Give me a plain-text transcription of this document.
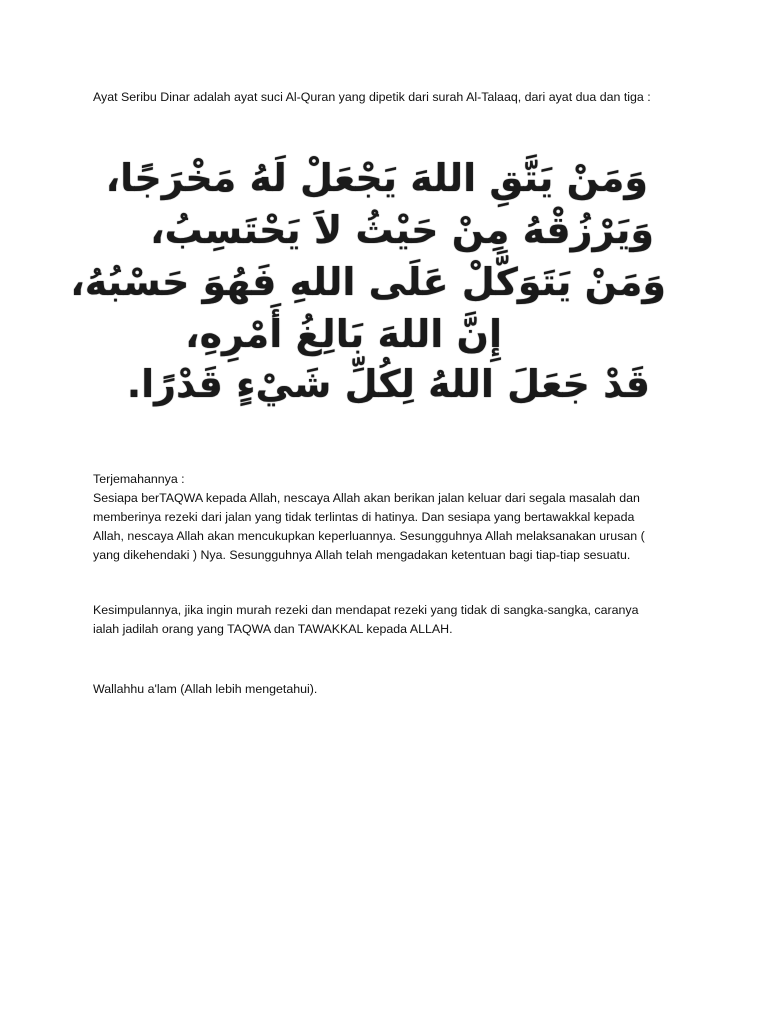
Ayat Seribu Dinar adalah ayat suci Al-Quran yang dipetik dari surah Al-Talaaq, dari ayat dua dan tiga :

وَمَنْ يَتَّقِ اللهَ يَجْعَلْ لَهُ مَخْرَجًا،
وَيَرْزُقْهُ مِنْ حَيْثُ لاَ يَحْتَسِبُ،
وَمَنْ يَتَوَكَّلْ عَلَى اللهِ فَهُوَ حَسْبُهُ،
إِنَّ اللهَ بَالِغُ أَمْرِهِ،
قَدْ جَعَلَ اللهُ لِكُلِّ شَيْءٍ قَدْرًا.
Terjemahannya :
Sesiapa berTAQWA kepada Allah, nescaya Allah akan berikan jalan keluar dari segala masalah dan
memberinya rezeki dari jalan yang tidak terlintas di hatinya. Dan sesiapa yang bertawakkal kepada
Allah, nescaya Allah akan mencukupkan keperluannya. Sesungguhnya Allah melaksanakan urusan (
yang dikehendaki ) Nya. Sesungguhnya Allah telah mengadakan ketentuan bagi tiap-tiap sesuatu.
Kesimpulannya, jika ingin murah rezeki dan mendapat rezeki yang tidak di sangka-sangka, caranya
ialah jadilah orang yang TAQWA dan TAWAKKAL kepada ALLAH.

Wallahhu a'lam (Allah lebih mengetahui).
